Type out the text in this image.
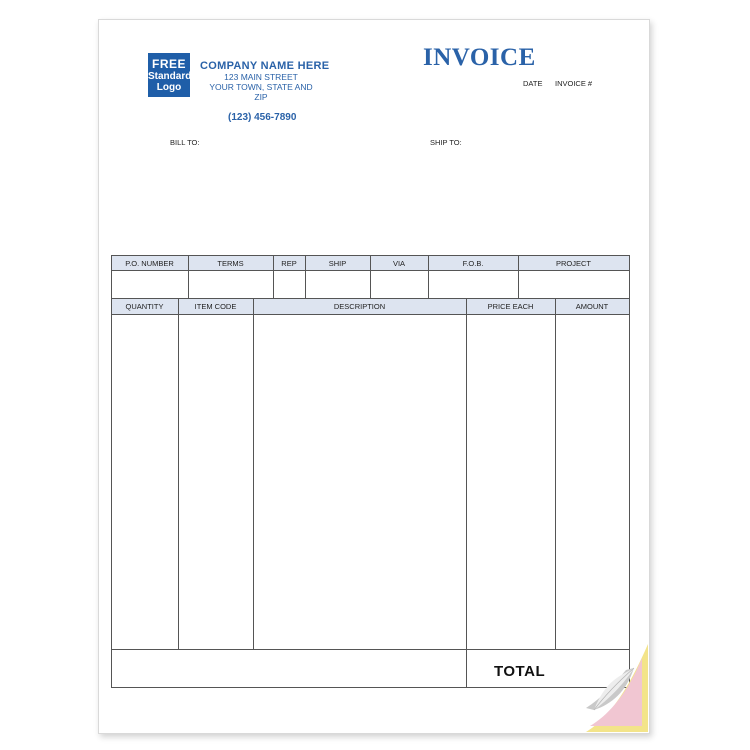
FREE
Standard
Logo
COMPANY NAME HERE
123 MAIN STREET
YOUR TOWN, STATE AND ZIP
(123) 456-7890
INVOICE
DATE INVOICE #
BILL TO:	SHIP TO:
P.O. NUMBER	TERMS	REP	SHIP	VIA	F.O.B.	PROJECT
QUANTITY	ITEM CODE	DESCRIPTION	PRICE EACH	AMOUNT
TOTAL
